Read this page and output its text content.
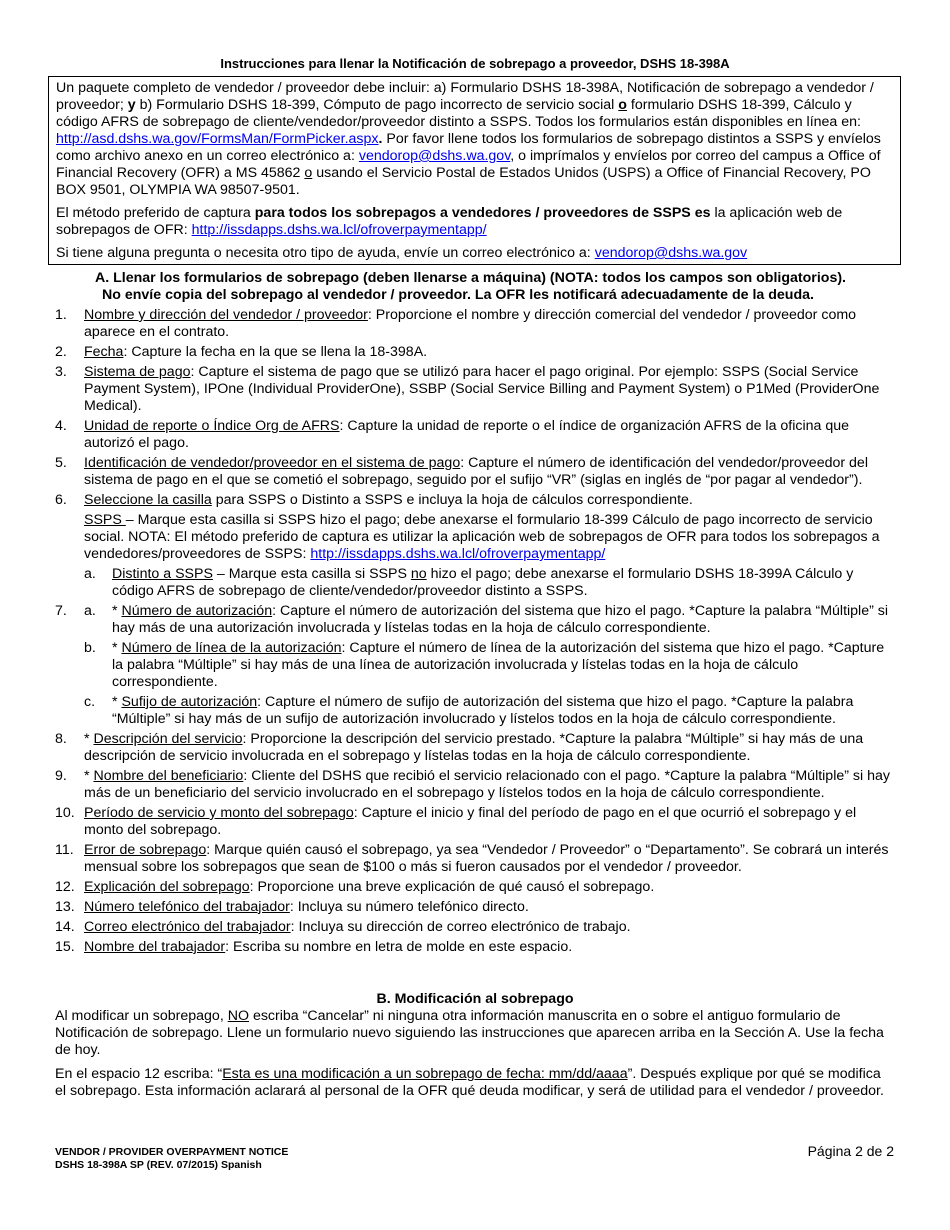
Instrucciones para llenar la Notificación de sobrepago a proveedor, DSHS 18-398A

Un paquete completo de vendedor / proveedor debe incluir: a) Formulario DSHS 18-398A, Notificación de sobrepago a vendedor / proveedor; y b) Formulario DSHS 18-399, Cómputo de pago incorrecto de servicio social o formulario DSHS 18-399, Cálculo y código AFRS de sobrepago de cliente/vendedor/proveedor distinto a SSPS. Todos los formularios están disponibles en línea en: http://asd.dshs.wa.gov/FormsMan/FormPicker.aspx. Por favor llene todos los formularios de sobrepago distintos a SSPS y envíelos como archivo anexo en un correo electrónico a: vendorop@dshs.wa.gov, o imprímalos y envíelos por correo del campus a Office of Financial Recovery (OFR) a MS 45862 o usando el Servicio Postal de Estados Unidos (USPS) a Office of Financial Recovery, PO BOX 9501, OLYMPIA WA 98507-9501.

El método preferido de captura para todos los sobrepagos a vendedores / proveedores de SSPS es la aplicación web de sobrepagos de OFR: http://issdapps.dshs.wa.lcl/ofroverpaymentapp/

Si tiene alguna pregunta o necesita otro tipo de ayuda, envíe un correo electrónico a: vendorop@dshs.wa.gov

A. Llenar los formularios de sobrepago (deben llenarse a máquina) (NOTA: todos los campos son obligatorios).
No envíe copia del sobrepago al vendedor / proveedor. La OFR les notificará adecuadamente de la deuda.
1. Nombre y dirección del vendedor / proveedor: Proporcione el nombre y dirección comercial del vendedor / proveedor como aparece en el contrato.
2. Fecha: Capture la fecha en la que se llena la 18-398A.
3. Sistema de pago: Capture el sistema de pago que se utilizó para hacer el pago original. Por ejemplo: SSPS (Social Service Payment System), IPOne (Individual ProviderOne), SSBP (Social Service Billing and Payment System) o P1Med (ProviderOne Medical).
4. Unidad de reporte o Índice Org de AFRS: Capture la unidad de reporte o el índice de organización AFRS de la oficina que autorizó el pago.
5. Identificación de vendedor/proveedor en el sistema de pago: Capture el número de identificación del vendedor/proveedor del sistema de pago en el que se cometió el sobrepago, seguido por el sufijo “VR” (siglas en inglés de “por pagar al vendedor”).
6. Seleccione la casilla para SSPS o Distinto a SSPS e incluya la hoja de cálculos correspondiente.
SSPS – Marque esta casilla si SSPS hizo el pago; debe anexarse el formulario 18-399 Cálculo de pago incorrecto de servicio social. NOTA: El método preferido de captura es utilizar la aplicación web de sobrepagos de OFR para todos los sobrepagos a vendedores/proveedores de SSPS: http://issdapps.dshs.wa.lcl/ofroverpaymentapp/
a. Distinto a SSPS – Marque esta casilla si SSPS no hizo el pago; debe anexarse el formulario DSHS 18-399A Cálculo y código AFRS de sobrepago de cliente/vendedor/proveedor distinto a SSPS.
7. a. * Número de autorización: Capture el número de autorización del sistema que hizo el pago. *Capture la palabra “Múltiple” si hay más de una autorización involucrada y lístelas todas en la hoja de cálculo correspondiente.
b. * Número de línea de la autorización: Capture el número de línea de la autorización del sistema que hizo el pago. *Capture la palabra “Múltiple” si hay más de una línea de autorización involucrada y lístelas todas en la hoja de cálculo correspondiente.
c. * Sufijo de autorización: Capture el número de sufijo de autorización del sistema que hizo el pago. *Capture la palabra “Múltiple” si hay más de un sufijo de autorización involucrado y lístelos todos en la hoja de cálculo correspondiente.
8. * Descripción del servicio: Proporcione la descripción del servicio prestado. *Capture la palabra “Múltiple” si hay más de una descripción de servicio involucrada en el sobrepago y lístelas todas en la hoja de cálculo correspondiente.
9. * Nombre del beneficiario: Cliente del DSHS que recibió el servicio relacionado con el pago. *Capture la palabra “Múltiple” si hay más de un beneficiario del servicio involucrado en el sobrepago y lístelos todos en la hoja de cálculo correspondiente.
10. Período de servicio y monto del sobrepago: Capture el inicio y final del período de pago en el que ocurrió el sobrepago y el monto del sobrepago.
11. Error de sobrepago: Marque quién causó el sobrepago, ya sea “Vendedor / Proveedor” o “Departamento”. Se cobrará un interés mensual sobre los sobrepagos que sean de $100 o más si fueron causados por el vendedor / proveedor.
12. Explicación del sobrepago: Proporcione una breve explicación de qué causó el sobrepago.
13. Número telefónico del trabajador: Incluya su número telefónico directo.
14. Correo electrónico del trabajador: Incluya su dirección de correo electrónico de trabajo.
15. Nombre del trabajador: Escriba su nombre en letra de molde en este espacio.
B. Modificación al sobrepago

Al modificar un sobrepago, NO escriba “Cancelar” ni ninguna otra información manuscrita en o sobre el antiguo formulario de Notificación de sobrepago. Llene un formulario nuevo siguiendo las instrucciones que aparecen arriba en la Sección A. Use la fecha de hoy.

En el espacio 12 escriba: “Esta es una modificación a un sobrepago de fecha: mm/dd/aaaa”. Después explique por qué se modifica el sobrepago. Esta información aclarará al personal de la OFR qué deuda modificar, y será de utilidad para el vendedor / proveedor.

VENDOR / PROVIDER OVERPAYMENT NOTICE
DSHS 18-398A SP (REV. 07/2015) Spanish
Página 2 de 2
